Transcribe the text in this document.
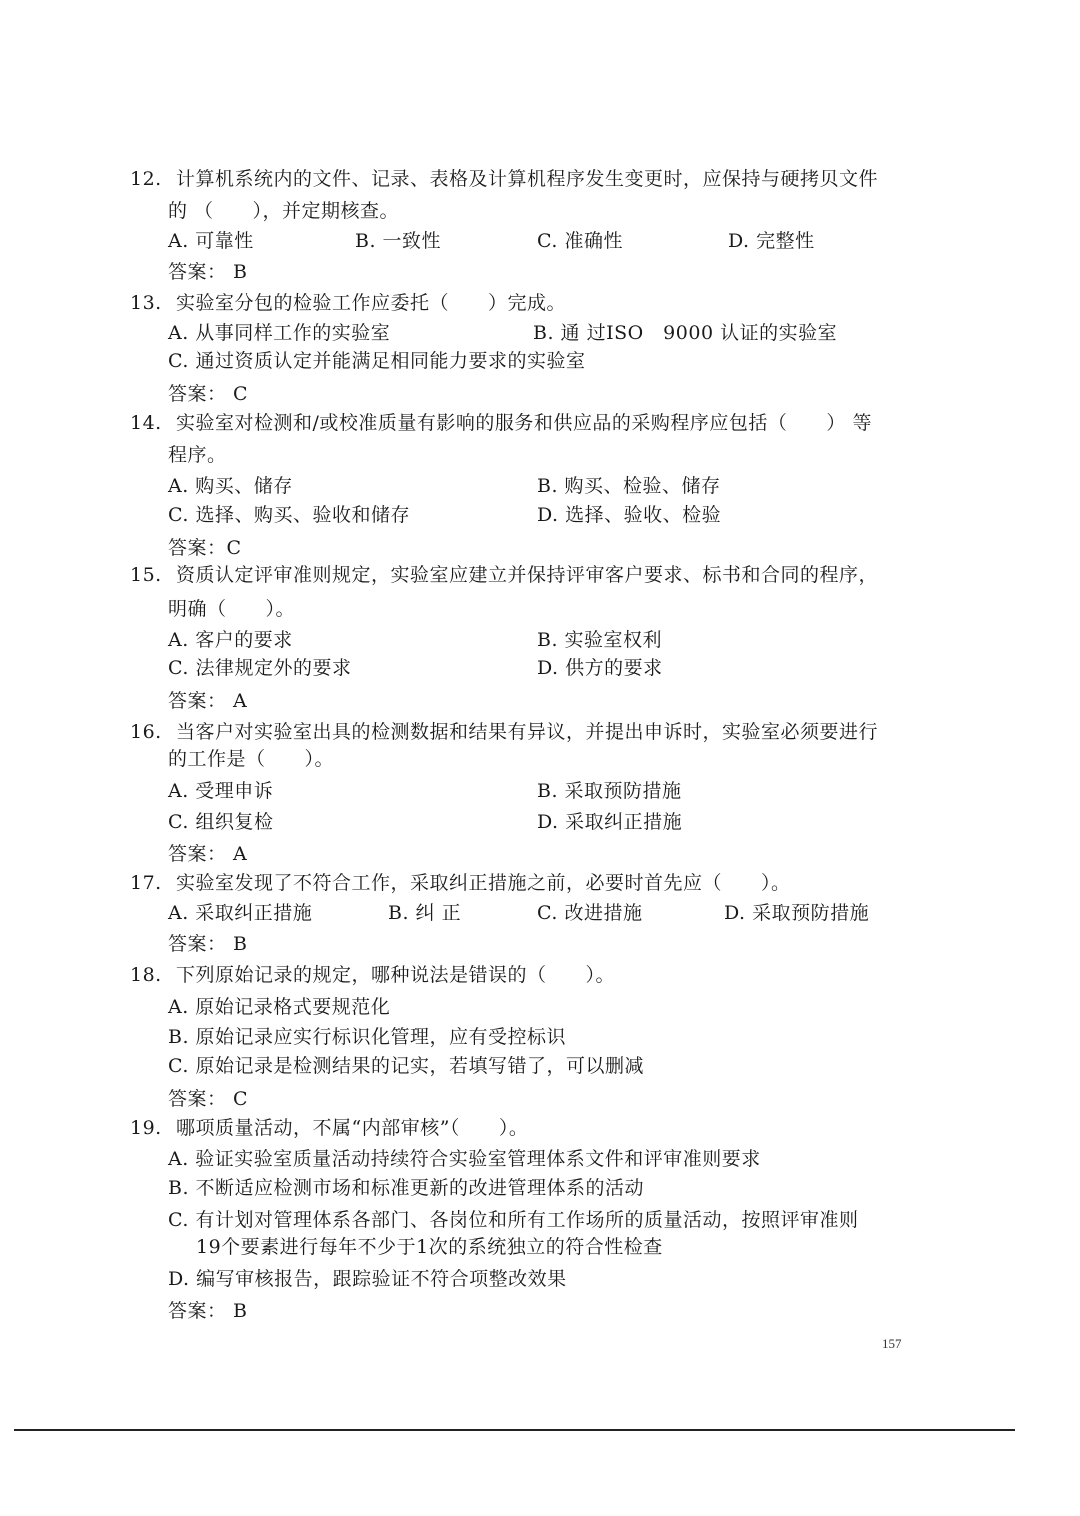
12. 计算机系统内的文件、记录、表格及计算机程序发生变更时，应保持与硬拷贝文件
的 （　　），并定期核查。
A. 可靠性	B. 一致性	C. 准确性	D. 完整性
答案： B
13. 实验室分包的检验工作应委托（　　）完成。
A. 从事同样工作的实验室	B. 通 过ISO　9000 认证的实验室
C. 通过资质认定并能满足相同能力要求的实验室
答案： C
14. 实验室对检测和/或校准质量有影响的服务和供应品的采购程序应包括（　　） 等
程序。
A. 购买、储存	B. 购买、检验、储存
C. 选择、购买、验收和储存	D. 选择、验收、检验
答案：C
15. 资质认定评审准则规定，实验室应建立并保持评审客户要求、标书和合同的程序，
明确（　　）。
A. 客户的要求	B. 实验室权利
C. 法律规定外的要求	D. 供方的要求
答案： A
16. 当客户对实验室出具的检测数据和结果有异议，并提出申诉时，实验室必须要进行
的工作是（　　）。
A. 受理申诉	B. 采取预防措施
C. 组织复检	D. 采取纠正措施
答案： A
17. 实验室发现了不符合工作，采取纠正措施之前，必要时首先应（　　）。
A. 采取纠正措施	B. 纠 正	C. 改进措施	D. 采取预防措施
答案： B
18. 下列原始记录的规定，哪种说法是错误的（　　）。
A. 原始记录格式要规范化
B. 原始记录应实行标识化管理，应有受控标识
C. 原始记录是检测结果的记实，若填写错了，可以删减
答案： C
19. 哪项质量活动，不属“内部审核”（　　）。
A. 验证实验室质量活动持续符合实验室管理体系文件和评审准则要求
B. 不断适应检测市场和标准更新的改进管理体系的活动
C. 有计划对管理体系各部门、各岗位和所有工作场所的质量活动，按照评审准则
19个要素进行每年不少于1次的系统独立的符合性检查
D. 编写审核报告，跟踪验证不符合项整改效果
答案： B
157
